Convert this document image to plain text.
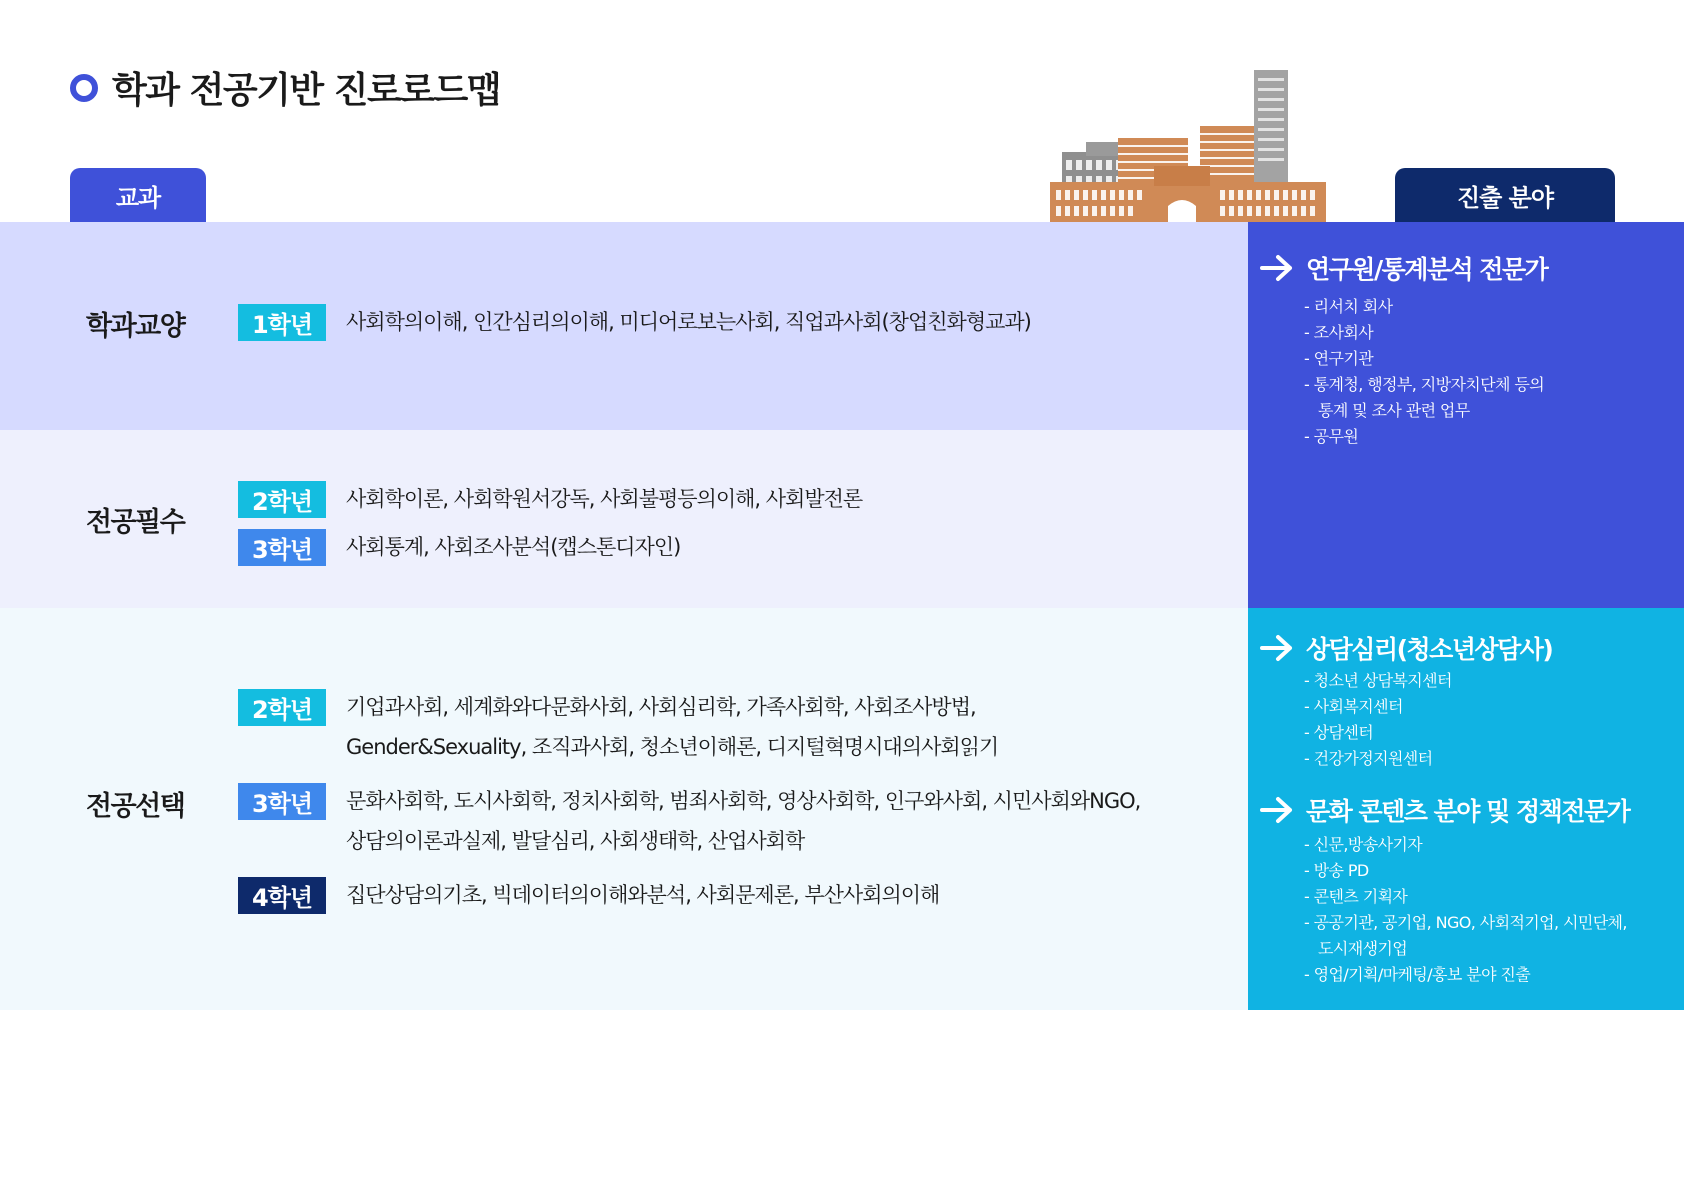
학과 전공기반 진로로드맵
교과	진출 분야
학과교양	1학년	사회학의이해, 인간심리의이해, 미디어로보는사회, 직업과사회(창업친화형교과)
전공필수
2학년	사회학이론, 사회학원서강독, 사회불평등의이해, 사회발전론
3학년	사회통계, 사회조사분석(캡스톤디자인)
전공선택
2학년	기업과사회, 세계화와다문화사회, 사회심리학, 가족사회학, 사회조사방법,
Gender&Sexuality, 조직과사회, 청소년이해론, 디지털혁명시대의사회읽기
3학년	문화사회학, 도시사회학, 정치사회학, 범죄사회학, 영상사회학, 인구와사회, 시민사회와NGO,
상담의이론과실제, 발달심리, 사회생태학, 산업사회학
4학년	집단상담의기초, 빅데이터의이해와분석, 사회문제론, 부산사회의이해
연구원/통계분석 전문가
- 리서치 회사
- 조사회사
- 연구기관
- 통계청, 행정부, 지방자치단체 등의
통계 및 조사 관련 업무
- 공무원
상담심리(청소년상담사)
- 청소년 상담복지센터
- 사회복지센터
- 상담센터
- 건강가정지원센터
문화 콘텐츠 분야 및 정책전문가
- 신문,방송사기자
- 방송 PD
- 콘텐츠 기획자
- 공공기관, 공기업, NGO, 사회적기업, 시민단체,
도시재생기업
- 영업/기획/마케팅/홍보 분야 진출
